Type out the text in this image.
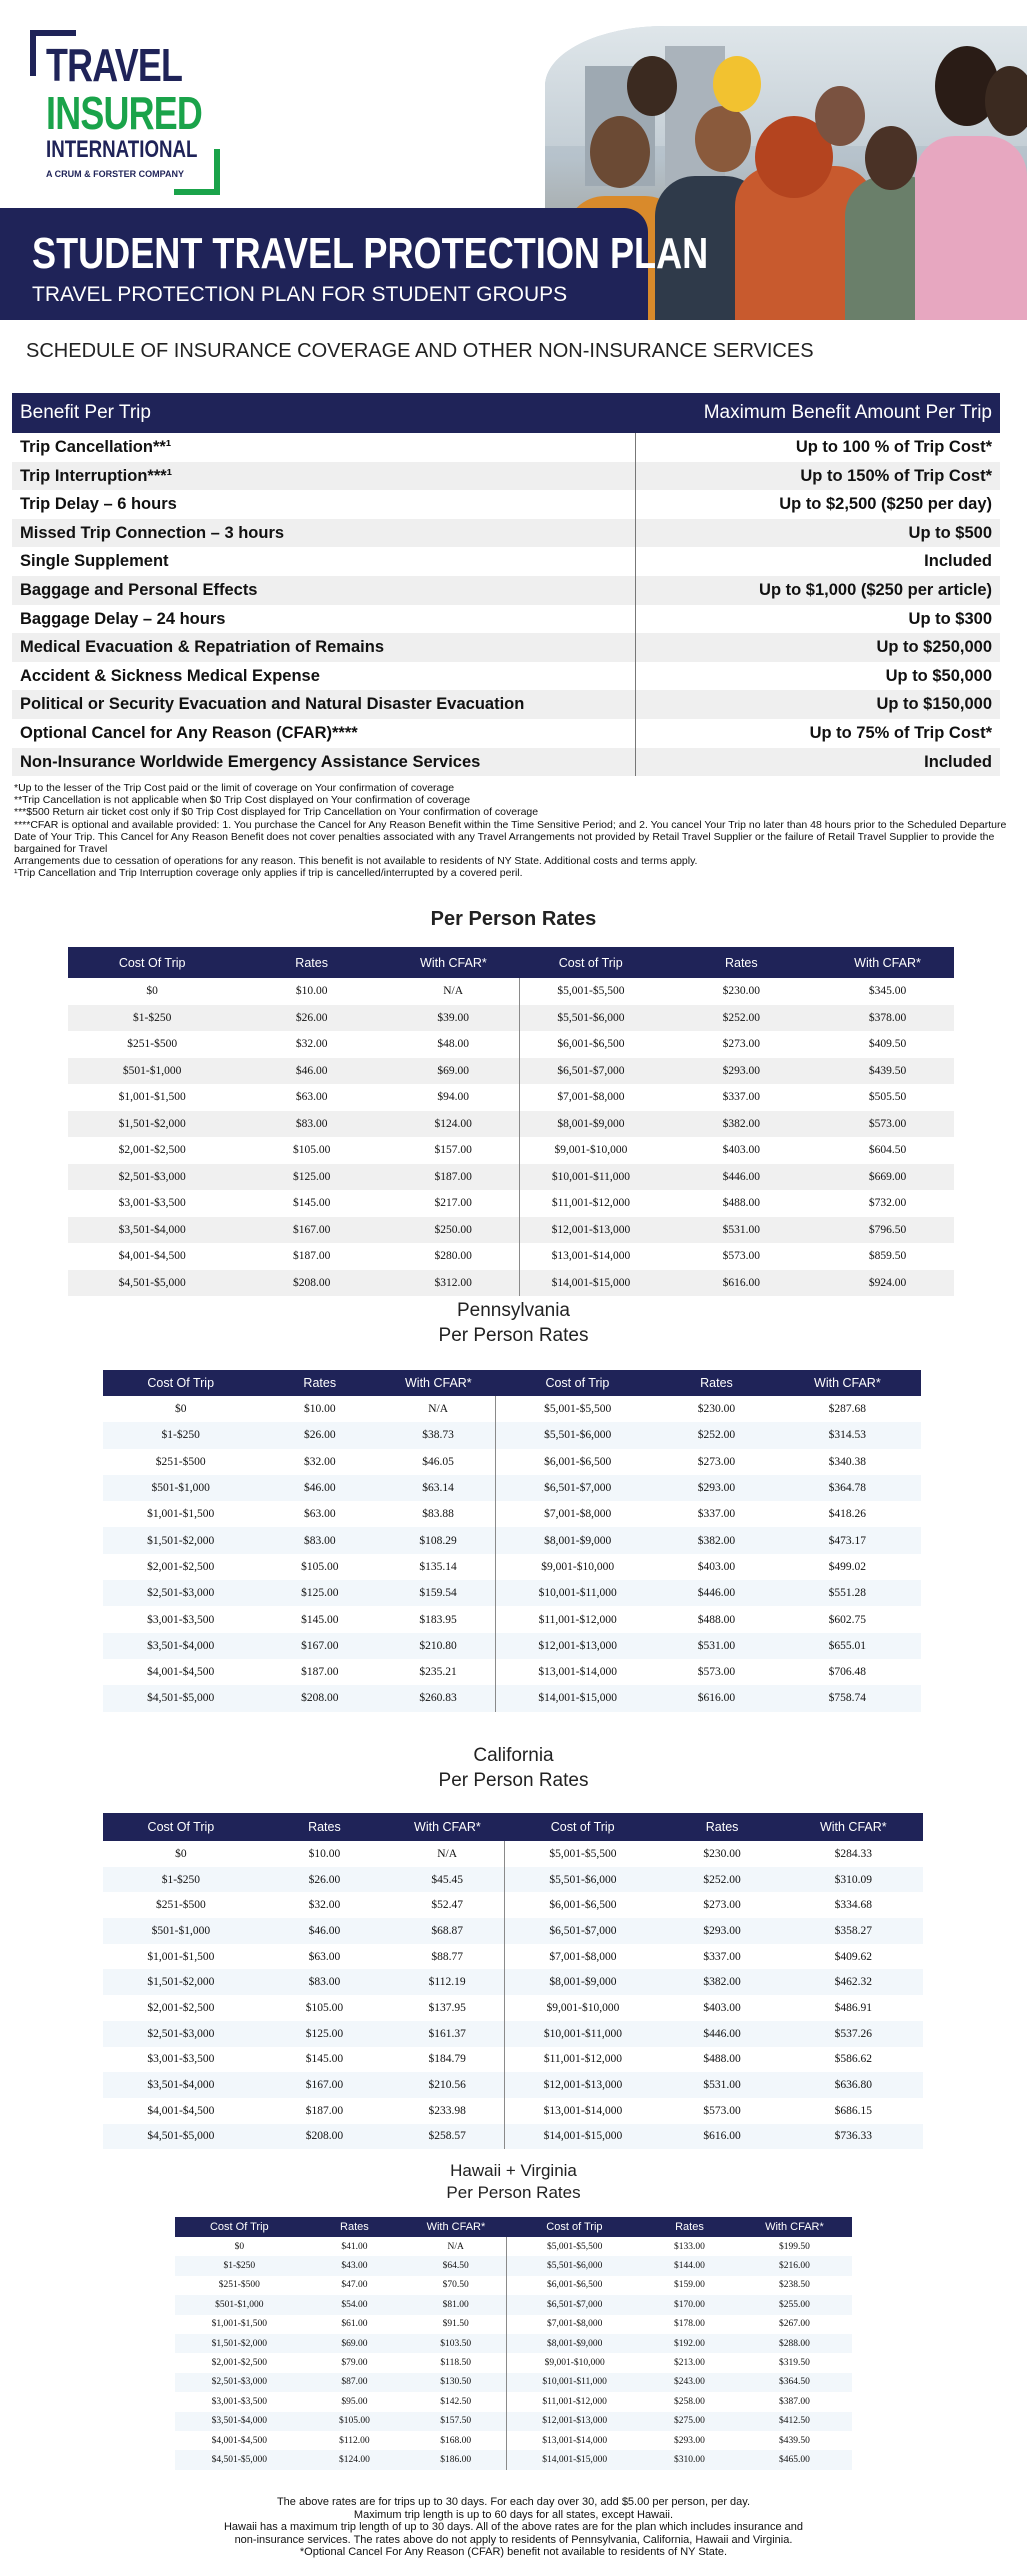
TRAVEL
INSURED
INTERNATIONAL
A CRUM & FORSTER COMPANY
STUDENT TRAVEL PROTECTION PLAN
TRAVEL PROTECTION PLAN FOR STUDENT GROUPS
SCHEDULE OF INSURANCE COVERAGE AND OTHER NON-INSURANCE SERVICES
Benefit Per Trip	Maximum Benefit Amount Per Trip
Trip Cancellation**¹	Up to 100 % of Trip Cost*
Trip Interruption***¹	Up to 150% of Trip Cost*
Trip Delay – 6 hours	Up to $2,500 ($250 per day)
Missed Trip Connection – 3 hours	Up to $500
Single Supplement	Included
Baggage and Personal Effects	Up to $1,000 ($250 per article)
Baggage Delay – 24 hours	Up to $300
Medical Evacuation & Repatriation of Remains	Up to $250,000
Accident & Sickness Medical Expense	Up to $50,000
Political or Security Evacuation and Natural Disaster Evacuation	Up to $150,000
Optional Cancel for Any Reason (CFAR)****	Up to 75% of Trip Cost*
Non-Insurance Worldwide Emergency Assistance Services	Included
*Up to the lesser of the Trip Cost paid or the limit of coverage on Your confirmation of coverage
**Trip Cancellation is not applicable when $0 Trip Cost displayed on Your confirmation of coverage
***$500 Return air ticket cost only if $0 Trip Cost displayed for Trip Cancellation on Your confirmation of coverage
****CFAR is optional and available provided: 1. You purchase the Cancel for Any Reason Benefit within the Time Sensitive Period; and 2. You cancel Your Trip no later than 48 hours prior to the Scheduled Departure Date of Your Trip. This Cancel for Any Reason Benefit does not cover penalties associated with any Travel Arrangements not provided by Retail Travel Supplier or the failure of Retail Travel Supplier to provide the bargained for Travel
Arrangements due to cessation of operations for any reason. This benefit is not available to residents of NY State. Additional costs and terms apply.
¹Trip Cancellation and Trip Interruption coverage only applies if trip is cancelled/interrupted by a covered peril.
Per Person Rates
Cost Of Trip	Rates	With CFAR*	Cost of Trip	Rates	With CFAR*
$0	$10.00	N/A	$5,001-$5,500	$230.00	$345.00
$1-$250	$26.00	$39.00	$5,501-$6,000	$252.00	$378.00
$251-$500	$32.00	$48.00	$6,001-$6,500	$273.00	$409.50
$501-$1,000	$46.00	$69.00	$6,501-$7,000	$293.00	$439.50
$1,001-$1,500	$63.00	$94.00	$7,001-$8,000	$337.00	$505.50
$1,501-$2,000	$83.00	$124.00	$8,001-$9,000	$382.00	$573.00
$2,001-$2,500	$105.00	$157.00	$9,001-$10,000	$403.00	$604.50
$2,501-$3,000	$125.00	$187.00	$10,001-$11,000	$446.00	$669.00
$3,001-$3,500	$145.00	$217.00	$11,001-$12,000	$488.00	$732.00
$3,501-$4,000	$167.00	$250.00	$12,001-$13,000	$531.00	$796.50
$4,001-$4,500	$187.00	$280.00	$13,001-$14,000	$573.00	$859.50
$4,501-$5,000	$208.00	$312.00	$14,001-$15,000	$616.00	$924.00
Pennsylvania
Per Person Rates
Cost Of Trip	Rates	With CFAR*	Cost of Trip	Rates	With CFAR*
$0	$10.00	N/A	$5,001-$5,500	$230.00	$287.68
$1-$250	$26.00	$38.73	$5,501-$6,000	$252.00	$314.53
$251-$500	$32.00	$46.05	$6,001-$6,500	$273.00	$340.38
$501-$1,000	$46.00	$63.14	$6,501-$7,000	$293.00	$364.78
$1,001-$1,500	$63.00	$83.88	$7,001-$8,000	$337.00	$418.26
$1,501-$2,000	$83.00	$108.29	$8,001-$9,000	$382.00	$473.17
$2,001-$2,500	$105.00	$135.14	$9,001-$10,000	$403.00	$499.02
$2,501-$3,000	$125.00	$159.54	$10,001-$11,000	$446.00	$551.28
$3,001-$3,500	$145.00	$183.95	$11,001-$12,000	$488.00	$602.75
$3,501-$4,000	$167.00	$210.80	$12,001-$13,000	$531.00	$655.01
$4,001-$4,500	$187.00	$235.21	$13,001-$14,000	$573.00	$706.48
$4,501-$5,000	$208.00	$260.83	$14,001-$15,000	$616.00	$758.74
California
Per Person Rates
Cost Of Trip	Rates	With CFAR*	Cost of Trip	Rates	With CFAR*
$0	$10.00	N/A	$5,001-$5,500	$230.00	$284.33
$1-$250	$26.00	$45.45	$5,501-$6,000	$252.00	$310.09
$251-$500	$32.00	$52.47	$6,001-$6,500	$273.00	$334.68
$501-$1,000	$46.00	$68.87	$6,501-$7,000	$293.00	$358.27
$1,001-$1,500	$63.00	$88.77	$7,001-$8,000	$337.00	$409.62
$1,501-$2,000	$83.00	$112.19	$8,001-$9,000	$382.00	$462.32
$2,001-$2,500	$105.00	$137.95	$9,001-$10,000	$403.00	$486.91
$2,501-$3,000	$125.00	$161.37	$10,001-$11,000	$446.00	$537.26
$3,001-$3,500	$145.00	$184.79	$11,001-$12,000	$488.00	$586.62
$3,501-$4,000	$167.00	$210.56	$12,001-$13,000	$531.00	$636.80
$4,001-$4,500	$187.00	$233.98	$13,001-$14,000	$573.00	$686.15
$4,501-$5,000	$208.00	$258.57	$14,001-$15,000	$616.00	$736.33
Hawaii + Virginia
Per Person Rates
Cost Of Trip	Rates	With CFAR*	Cost of Trip	Rates	With CFAR*
$0	$41.00	N/A	$5,001-$5,500	$133.00	$199.50
$1-$250	$43.00	$64.50	$5,501-$6,000	$144.00	$216.00
$251-$500	$47.00	$70.50	$6,001-$6,500	$159.00	$238.50
$501-$1,000	$54.00	$81.00	$6,501-$7,000	$170.00	$255.00
$1,001-$1,500	$61.00	$91.50	$7,001-$8,000	$178.00	$267.00
$1,501-$2,000	$69.00	$103.50	$8,001-$9,000	$192.00	$288.00
$2,001-$2,500	$79.00	$118.50	$9,001-$10,000	$213.00	$319.50
$2,501-$3,000	$87.00	$130.50	$10,001-$11,000	$243.00	$364.50
$3,001-$3,500	$95.00	$142.50	$11,001-$12,000	$258.00	$387.00
$3,501-$4,000	$105.00	$157.50	$12,001-$13,000	$275.00	$412.50
$4,001-$4,500	$112.00	$168.00	$13,001-$14,000	$293.00	$439.50
$4,501-$5,000	$124.00	$186.00	$14,001-$15,000	$310.00	$465.00
The above rates are for trips up to 30 days. For each day over 30, add $5.00 per person, per day.
Maximum trip length is up to 60 days for all states, except Hawaii.
Hawaii has a maximum trip length of up to 30 days. All of the above rates are for the plan which includes insurance and
non-insurance services. The rates above do not apply to residents of Pennsylvania, California, Hawaii and Virginia.
*Optional Cancel For Any Reason (CFAR) benefit not available to residents of NY State.
